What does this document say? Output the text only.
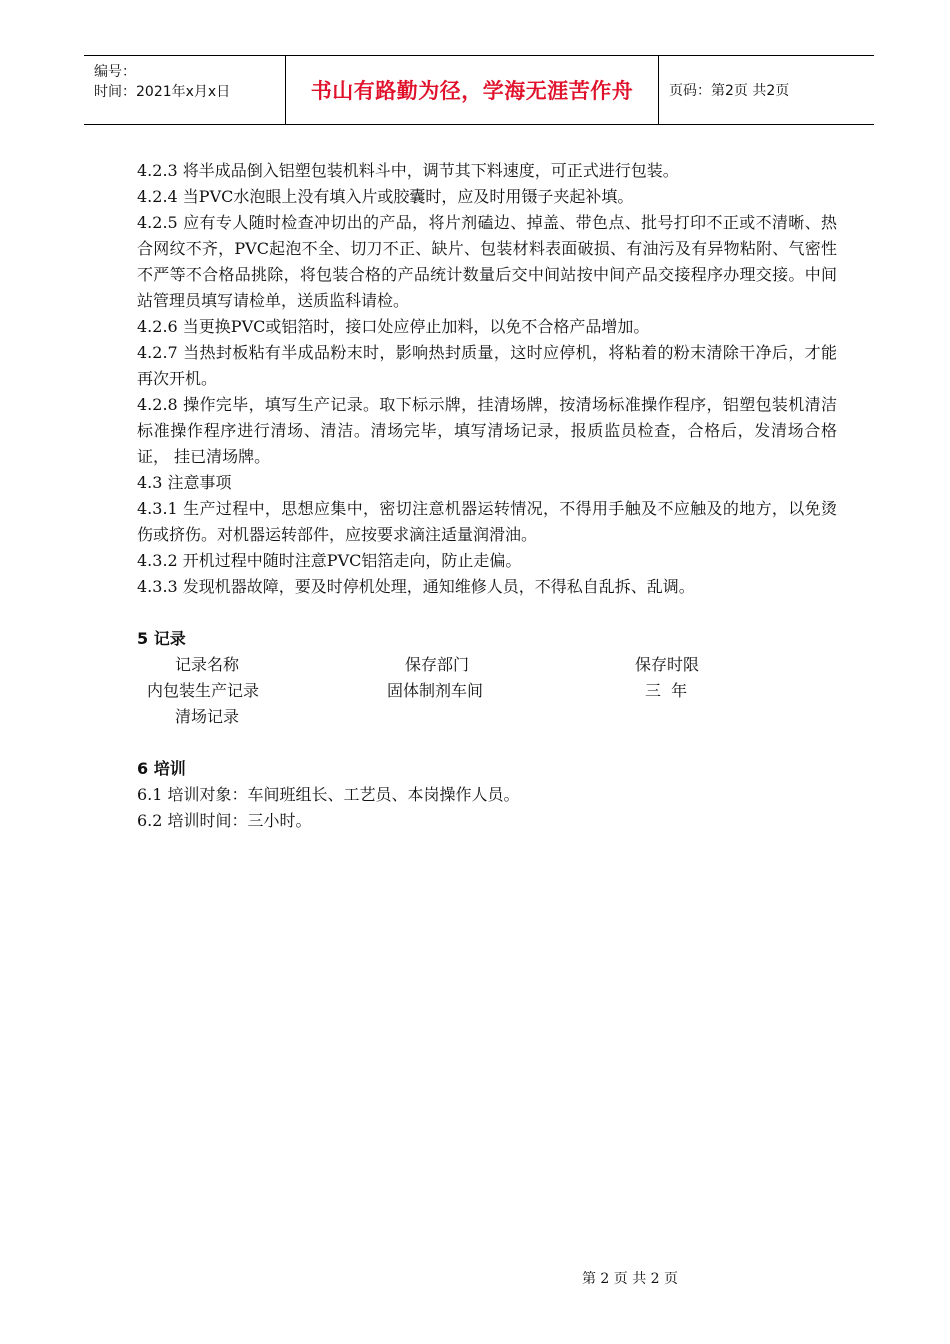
编号：
时间：2021年x月x日	书山有路勤为径，学海无涯苦作舟	页码：第2页 共2页

4.2.3 将半成品倒入铝塑包装机料斗中，调节其下料速度，可正式进行包装。

4.2.4 当PVC水泡眼上没有填入片或胶囊时，应及时用镊子夹起补填。

4.2.5 应有专人随时检查冲切出的产品，将片剂磕边、掉盖、带色点、批号打印不正或不清晰、热合网纹不齐，PVC起泡不全、切刀不正、缺片、包装材料表面破损、有油污及有异物粘附、气密性不严等不合格品挑除，将包装合格的产品统计数量后交中间站按中间产品交接程序办理交接。中间站管理员填写请检单，送质监科请检。

4.2.6 当更换PVC或铝箔时，接口处应停止加料，以免不合格产品增加。

4.2.7 当热封板粘有半成品粉末时，影响热封质量，这时应停机，将粘着的粉末清除干净后，才能再次开机。

4.2.8 操作完毕，填写生产记录。取下标示牌，挂清场牌，按清场标准操作程序，铝塑包装机清洁标准操作程序进行清场、清洁。清场完毕，填写清场记录，报质监员检查，合格后，发清场合格证， 挂已清场牌。

4.3 注意事项

4.3.1 生产过程中，思想应集中，密切注意机器运转情况，不得用手触及不应触及的地方，以免烫伤或挤伤。对机器运转部件，应按要求滴注适量润滑油。

4.3.2 开机过程中随时注意PVC铝箔走向，防止走偏。

4.3.3 发现机器故障，要及时停机处理，通知维修人员，不得私自乱拆、乱调。

5 记录

记录名称	保存部门	保存时限
内包装生产记录	固体制剂车间	三  年
清场记录

6 培训

6.1 培训对象：车间班组长、工艺员、本岗操作人员。

6.2 培训时间：三小时。

第 2 页 共 2 页
